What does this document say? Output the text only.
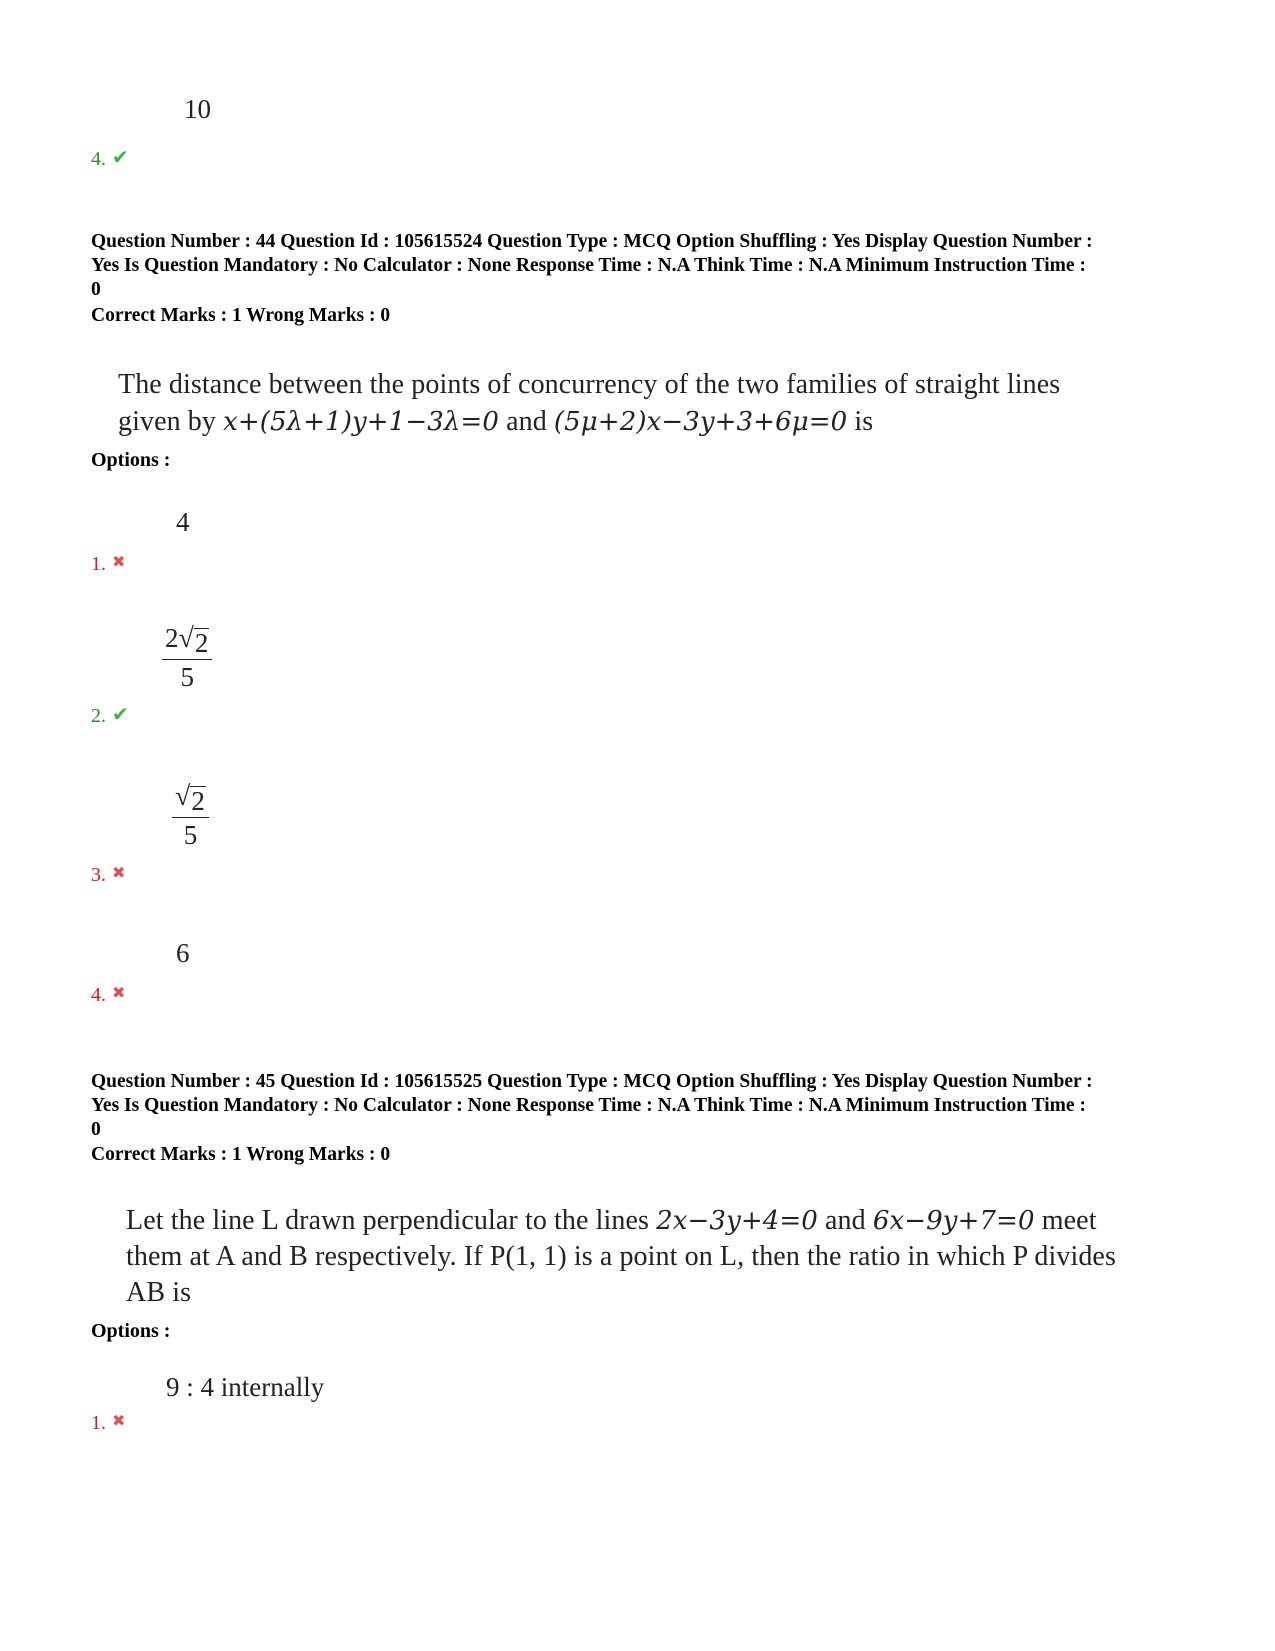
10
4. ✔
Question Number : 44 Question Id : 105615524 Question Type : MCQ Option Shuffling : Yes Display Question Number :
Yes Is Question Mandatory : No Calculator : None Response Time : N.A Think Time : N.A Minimum Instruction Time :
0
Correct Marks : 1 Wrong Marks : 0
The distance between the points of concurrency of the two families of straight lines
given by x+(5λ+1)y+1−3λ=0 and (5μ+2)x−3y+3+6μ=0 is
Options :
4
1. ✖
$\frac{2 √ 2}{5}$
2. ✔
$\frac{√ 2}{5}$
3. ✖
6
4. ✖
Question Number : 45 Question Id : 105615525 Question Type : MCQ Option Shuffling : Yes Display Question Number :
Yes Is Question Mandatory : No Calculator : None Response Time : N.A Think Time : N.A Minimum Instruction Time :
0
Correct Marks : 1 Wrong Marks : 0
Let the line L drawn perpendicular to the lines 2x−3y+4=0 and 6x−9y+7=0 meet
them at A and B respectively. If P(1, 1) is a point on L, then the ratio in which P divides
AB is
Options :
9 : 4 internally
1. ✖
